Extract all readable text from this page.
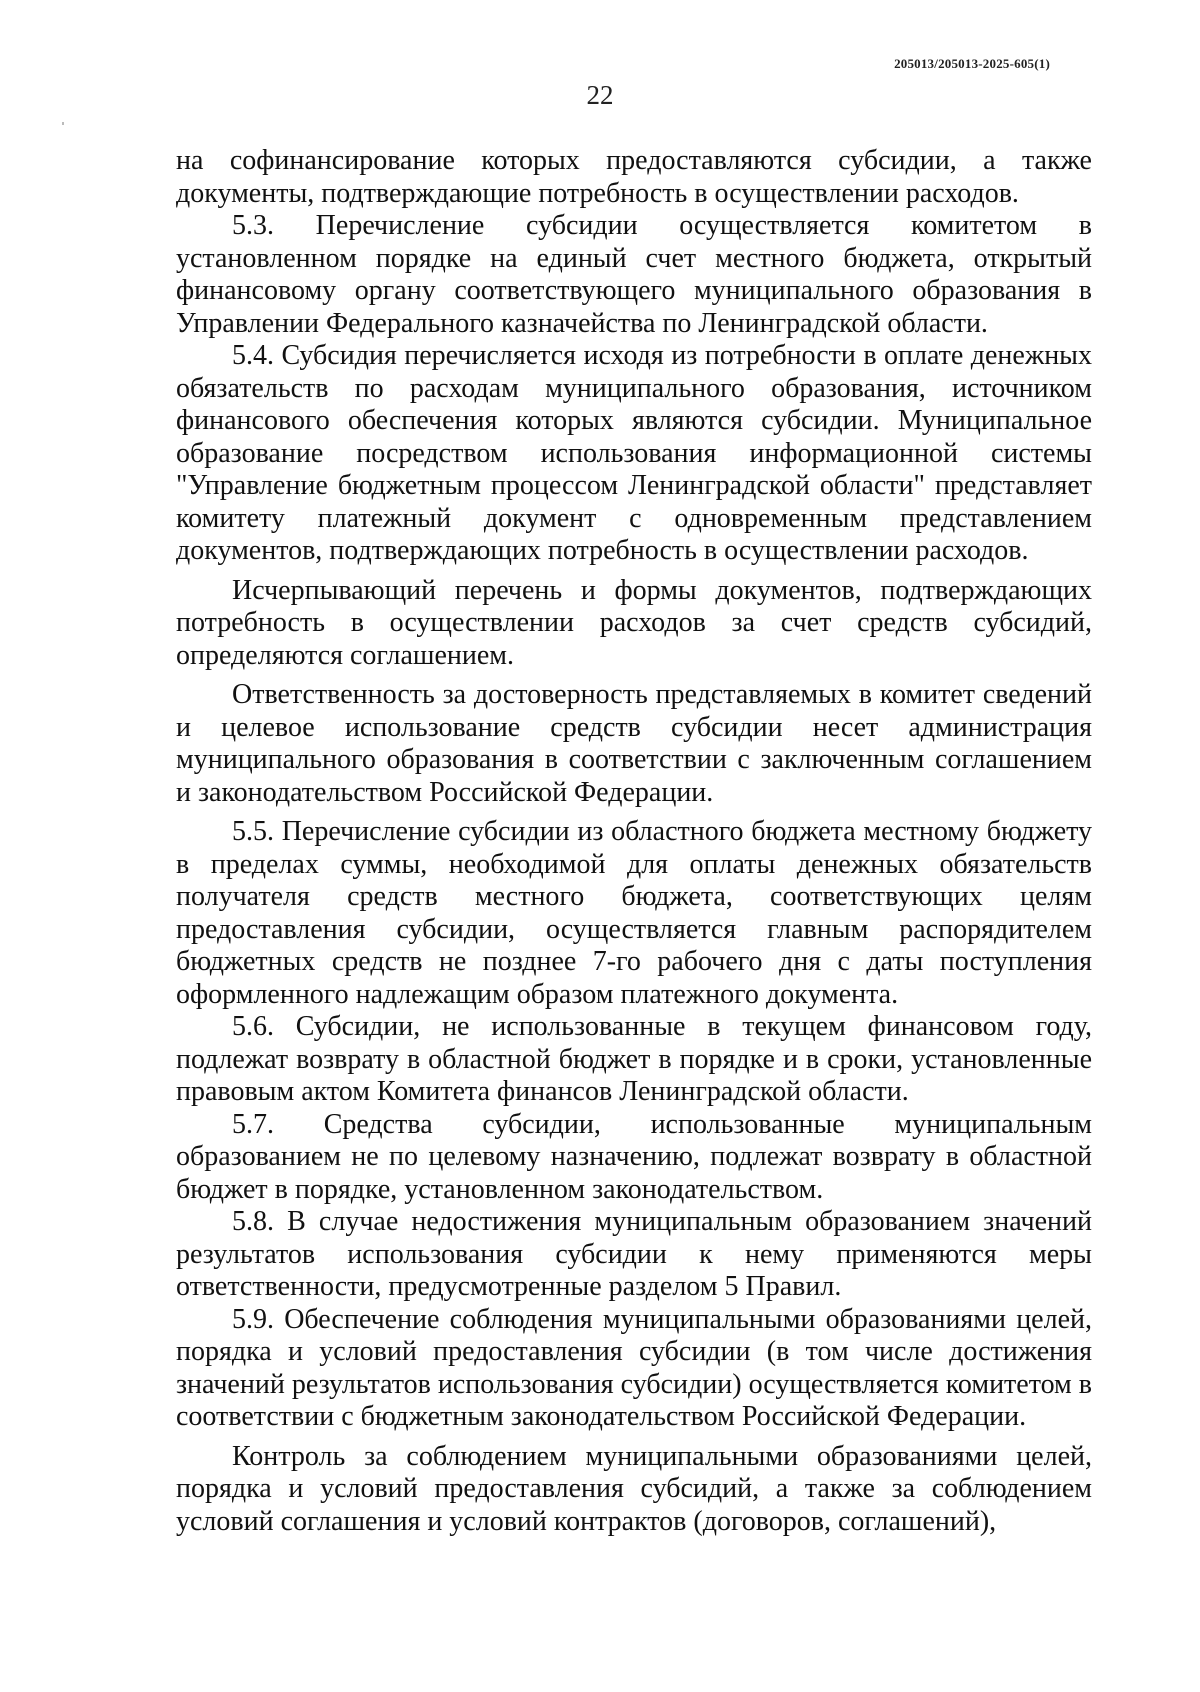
205013/205013-2025-605(1)
22

на софинансирование которых предоставляются субсидии, а также документы, подтверждающие потребность в осуществлении расходов.

5.3. Перечисление субсидии осуществляется комитетом в установленном порядке на единый счет местного бюджета, открытый финансовому органу соответствующего муниципального образования в Управлении Федерального казначейства по Ленинградской области.

5.4. Субсидия перечисляется исходя из потребности в оплате денежных обязательств по расходам муниципального образования, источником финансового обеспечения которых являются субсидии. Муниципальное образование посредством использования информационной системы "Управление бюджетным процессом Ленинградской области" представляет комитету платежный документ с одновременным представлением документов, подтверждающих потребность в осуществлении расходов.

Исчерпывающий перечень и формы документов, подтверждающих потребность в осуществлении расходов за счет средств субсидий, определяются соглашением.

Ответственность за достоверность представляемых в комитет сведений и целевое использование средств субсидии несет администрация муниципального образования в соответствии с заключенным соглашением и законодательством Российской Федерации.

5.5. Перечисление субсидии из областного бюджета местному бюджету в пределах суммы, необходимой для оплаты денежных обязательств получателя средств местного бюджета, соответствующих целям предоставления субсидии, осуществляется главным распорядителем бюджетных средств не позднее 7-го рабочего дня с даты поступления оформленного надлежащим образом платежного документа.

5.6. Субсидии, не использованные в текущем финансовом году, подлежат возврату в областной бюджет в порядке и в сроки, установленные правовым актом Комитета финансов Ленинградской области.

5.7. Средства субсидии, использованные муниципальным образованием не по целевому назначению, подлежат возврату в областной бюджет в порядке, установленном законодательством.

5.8. В случае недостижения муниципальным образованием значений результатов использования субсидии к нему применяются меры ответственности, предусмотренные разделом 5 Правил.

5.9. Обеспечение соблюдения муниципальными образованиями целей, порядка и условий предоставления субсидии (в том числе достижения значений результатов использования субсидии) осуществляется комитетом в соответствии с бюджетным законодательством Российской Федерации.

Контроль за соблюдением муниципальными образованиями целей, порядка и условий предоставления субсидий, а также за соблюдением условий соглашения и условий контрактов (договоров, соглашений),
